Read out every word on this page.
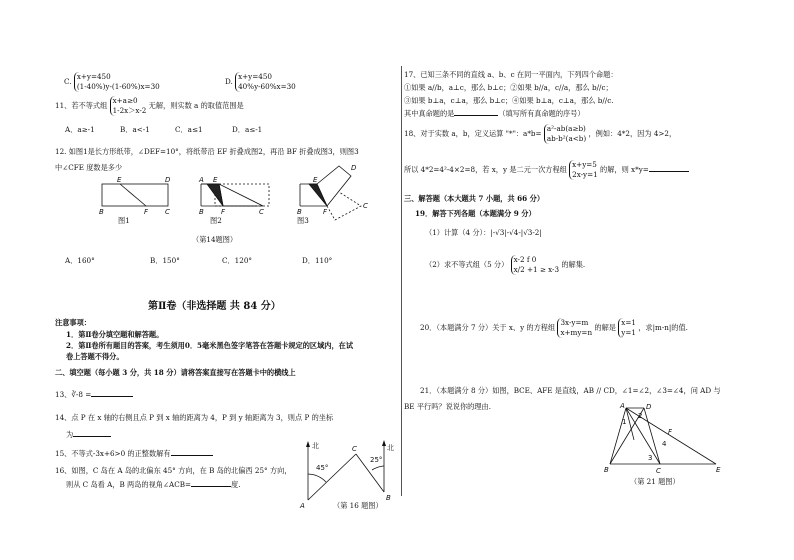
C.
x+y=450
(1-40%)y-(1-60%)x=30
D.
x+y=450
40%y-60%x=30
11、若不等式组
x+a≥0
1-2x＞x-2
无解，则实数 a 的取值范围是
A．a≥-1	B．a<-1	C．a≤1	D．a≤-1
12. 如图1是长方形纸带，∠DEF=10°，将纸带沿 EF 折叠成图2，再沿 BF 折叠成图3，则图3
中∠CFE 度数是多少
E	D
B	F C
A E
B F	C
E
B	F
D
C
图1	图2	图3
（第14题图）
A．160°	B．150°	C．120°	D．110°
第Ⅱ卷（非选择题 共 84 分）
注意事项：
1．第Ⅱ卷分填空题和解答题。
2．第Ⅱ卷所有题目的答案，考生须用0．5毫米黑色签字笔答在答题卡规定的区域内，在试
卷上答题不得分。
二、填空题（每小题 3 分，共 18 分）请将答案直接写在答题卡中的横线上
13、∛-8 =
14、点 P 在 x 轴的右侧且点 P 到 x 轴的距离为 4，P 到 y 轴距离为 3，则点 P 的坐标
为
15、不等式-3x+6>0 的正整数解有
16、如图，C 岛在 A 岛的北偏东 45° 方向，在 B 岛的北偏西 25° 方向，
则从 C 岛看 A，B 两岛的视角∠ACB=	度.
北	北
45°
25°
C
A
B
（第 16 题图）
17、已知三条不同的直线 a、b、c 在同一平面内，下列四个命题：
①如果 a//b，a⊥c，那么 b⊥c；②如果 b//a，c//a，那么 b//c；
③如果 b⊥a，c⊥a，那么 b⊥c；④如果 b⊥a，c⊥a，那么 b//c.
其中真命题的是	（填写所有真命题的序号）
18、对于实数 a，b，定义运算 "*"：a*b=
a²-ab(a≥b)
ab-b²(a<b)
，例如：4*2，因为 4>2，
所以 4*2=4²-4×2=8，若 x，y 是二元一次方程组
x+y=5
2x-y=1
的解，则 x*y=
三、解答题（本大题共 7 小题，共 66 分）
19．解答下列各题（本题满分 9 分）
（1）计算（4 分）：|-√3|-√4-|√3-2|
（2）求不等式组（5 分）
x-2 f 0
x/2 +1 ≥ x-3
的解集.
20．（本题满分 7 分）关于 x、y 的方程组
3x-y=m
x+my=n
的解是
x=1
y=1
，求|m-n|的值.
21．（本题满分 8 分）如图，BCE、AFE 是直线，AB // CD，∠1=∠2，∠3=∠4，问 AD 与
BE 平行吗？说说你的理由.	A	D
B	C	E
F
1
2
3
4
（第 21 题图）
